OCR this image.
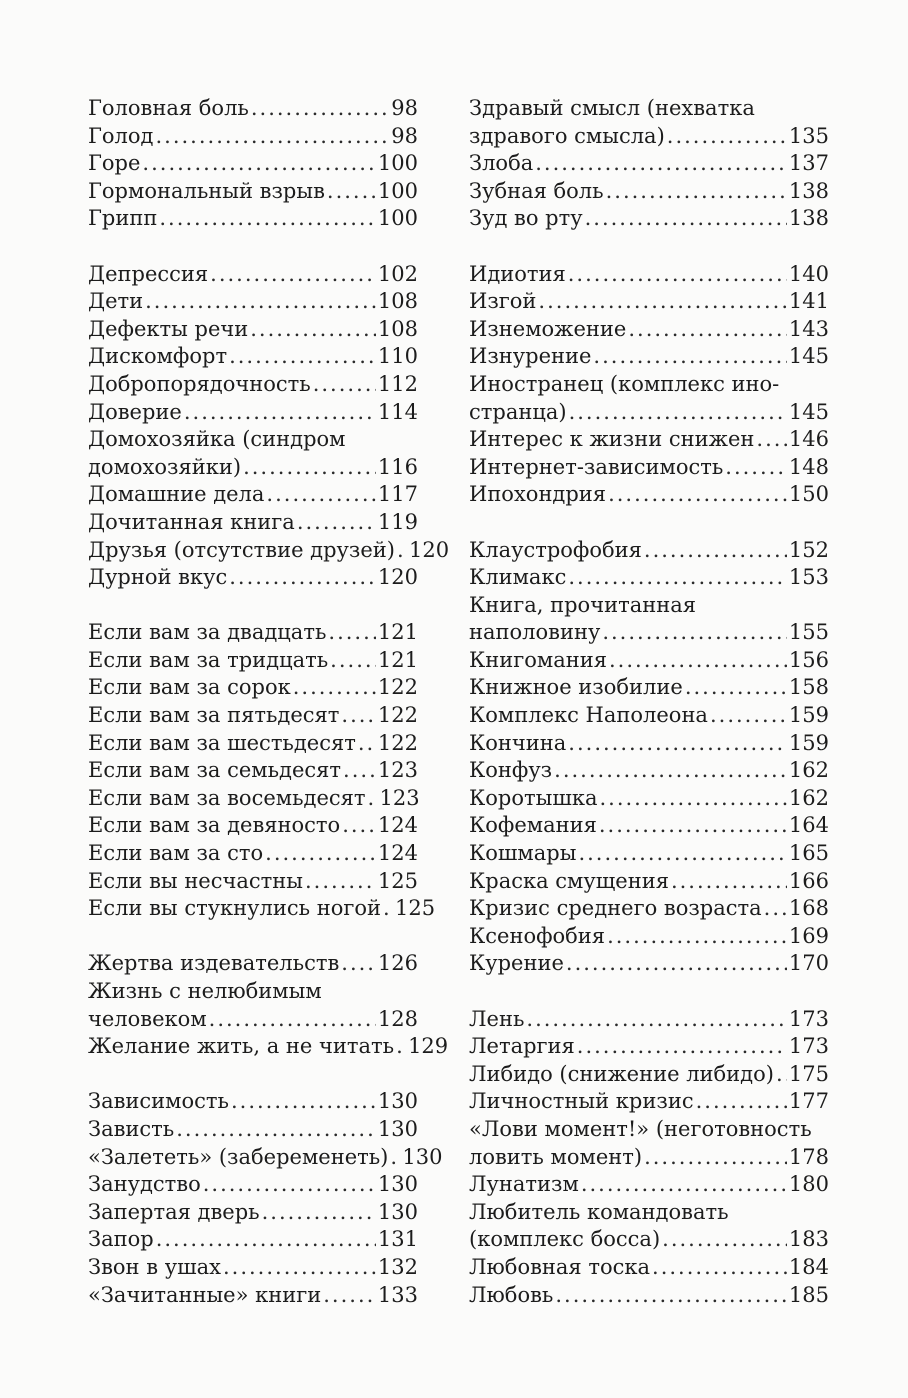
Головная боль .....	98
Голод .....	98
Горе .....	100
Гормональный взрыв .....	100
Грипп .....	100
Депрессия .....	102
Дети .....	108
Дефекты речи .....	108
Дискомфорт .....	110
Добропорядочность .....	112
Доверие .....	114
Домохозяйка (синдром
домохозяйки) .....	116
Домашние дела .....	117
Дочитанная книга .....	119
Друзья (отсутствие друзей) ..... 120
Дурной вкус .....	120
Если вам за двадцать ..... 121
Если вам за тридцать ..... 121
Если вам за сорок .....	122
Если вам за пятьдесят ..... 122
Если вам за шестьдесят ..... 122
Если вам за семьдесят ..... 123
Если вам за восемьдесят ..... 123
Если вам за девяносто ..... 124
Если вам за сто .....	124
Если вы несчастны .....	125
Если вы стукнулись ногой ..... 125
Жертва издевательств ..... 126
Жизнь с нелюбимым
человеком .....	128
Желание жить, а не читать ..... 129
Зависимость .....	130
Зависть .....	130
«Залететь» (забеременеть) ..... 130
Занудство .....	130
Запертая дверь .....	130
Запор .....	131
Звон в ушах .....	132
«Зачитанные» книги .....	133
Здравый смысл (нехватка
здравого смысла) .....	135
Злоба .....	137
Зубная боль .....	138
Зуд во рту .....	138
Идиотия .....	140
Изгой .....	141
Изнеможение .....	143
Изнурение .....	145
Иностранец (комплекс ино-
странца) .....	145
Интерес к жизни снижен ..... 146
Интернет-зависимость .....	148
Ипохондрия .....	150
Клаустрофобия .....	152
Климакс .....	153
Книга, прочитанная
наполовину .....	155
Книгомания .....	156
Книжное изобилие .....	158
Комплекс Наполеона .....	159
Кончина .....	159
Конфуз .....	162
Коротышка .....	162
Кофемания .....	164
Кошмары .....	165
Краска смущения .....	166
Кризис среднего возраста ..... 168
Ксенофобия .....	169
Курение .....	170
Лень .....	173
Летаргия .....	173
Либидо (снижение либидо) ..... 175
Личностный кризис .....	177
«Лови момент!» (неготовность
ловить момент) .....	178
Лунатизм .....	180
Любитель командовать
(комплекс босса) .....	183
Любовная тоска .....	184
Любовь .....	185
